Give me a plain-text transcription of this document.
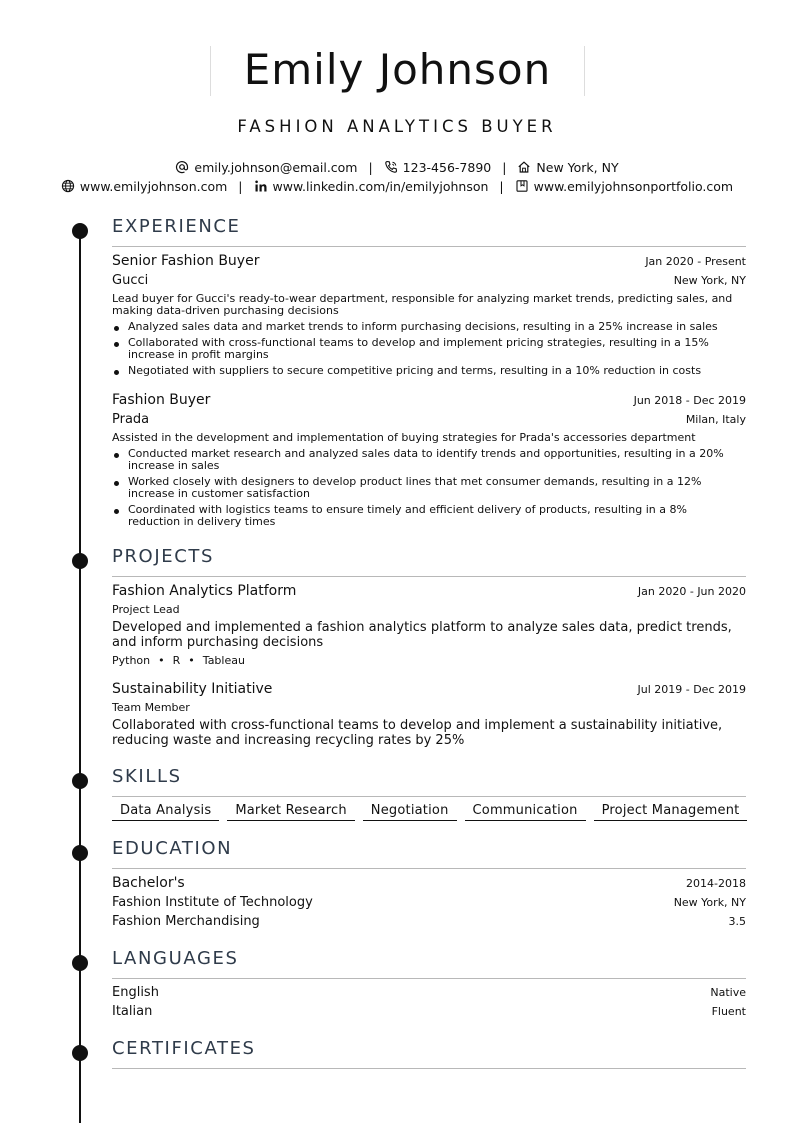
Emily Johnson
FASHION ANALYTICS BUYER
emily.johnson@email.com | 123-456-7890 | New York, NY
www.emilyjohnson.com | www.linkedin.com/in/emilyjohnson | www.emilyjohnsonportfolio.com
EXPERIENCE
Senior Fashion Buyer	Jan 2020 - Present
Gucci	New York, NY
Lead buyer for Gucci's ready-to-wear department, responsible for analyzing market trends, predicting sales, and making data-driven purchasing decisions
Analyzed sales data and market trends to inform purchasing decisions, resulting in a 25% increase in sales
Collaborated with cross-functional teams to develop and implement pricing strategies, resulting in a 15% increase in profit margins
Negotiated with suppliers to secure competitive pricing and terms, resulting in a 10% reduction in costs
Fashion Buyer	Jun 2018 - Dec 2019
Prada	Milan, Italy
Assisted in the development and implementation of buying strategies for Prada's accessories department
Conducted market research and analyzed sales data to identify trends and opportunities, resulting in a 20% increase in sales
Worked closely with designers to develop product lines that met consumer demands, resulting in a 12% increase in customer satisfaction
Coordinated with logistics teams to ensure timely and efficient delivery of products, resulting in a 8% reduction in delivery times
PROJECTS
Fashion Analytics Platform	Jan 2020 - Jun 2020
Project Lead
Developed and implemented a fashion analytics platform to analyze sales data, predict trends, and inform purchasing decisions
Python • R • Tableau
Sustainability Initiative	Jul 2019 - Dec 2019
Team Member
Collaborated with cross-functional teams to develop and implement a sustainability initiative, reducing waste and increasing recycling rates by 25%
SKILLS
Data Analysis	Market Research	Negotiation	Communication	Project Management
EDUCATION
Bachelor's	2014-2018
Fashion Institute of Technology	New York, NY
Fashion Merchandising	3.5
LANGUAGES
English	Native
Italian	Fluent
CERTIFICATES
